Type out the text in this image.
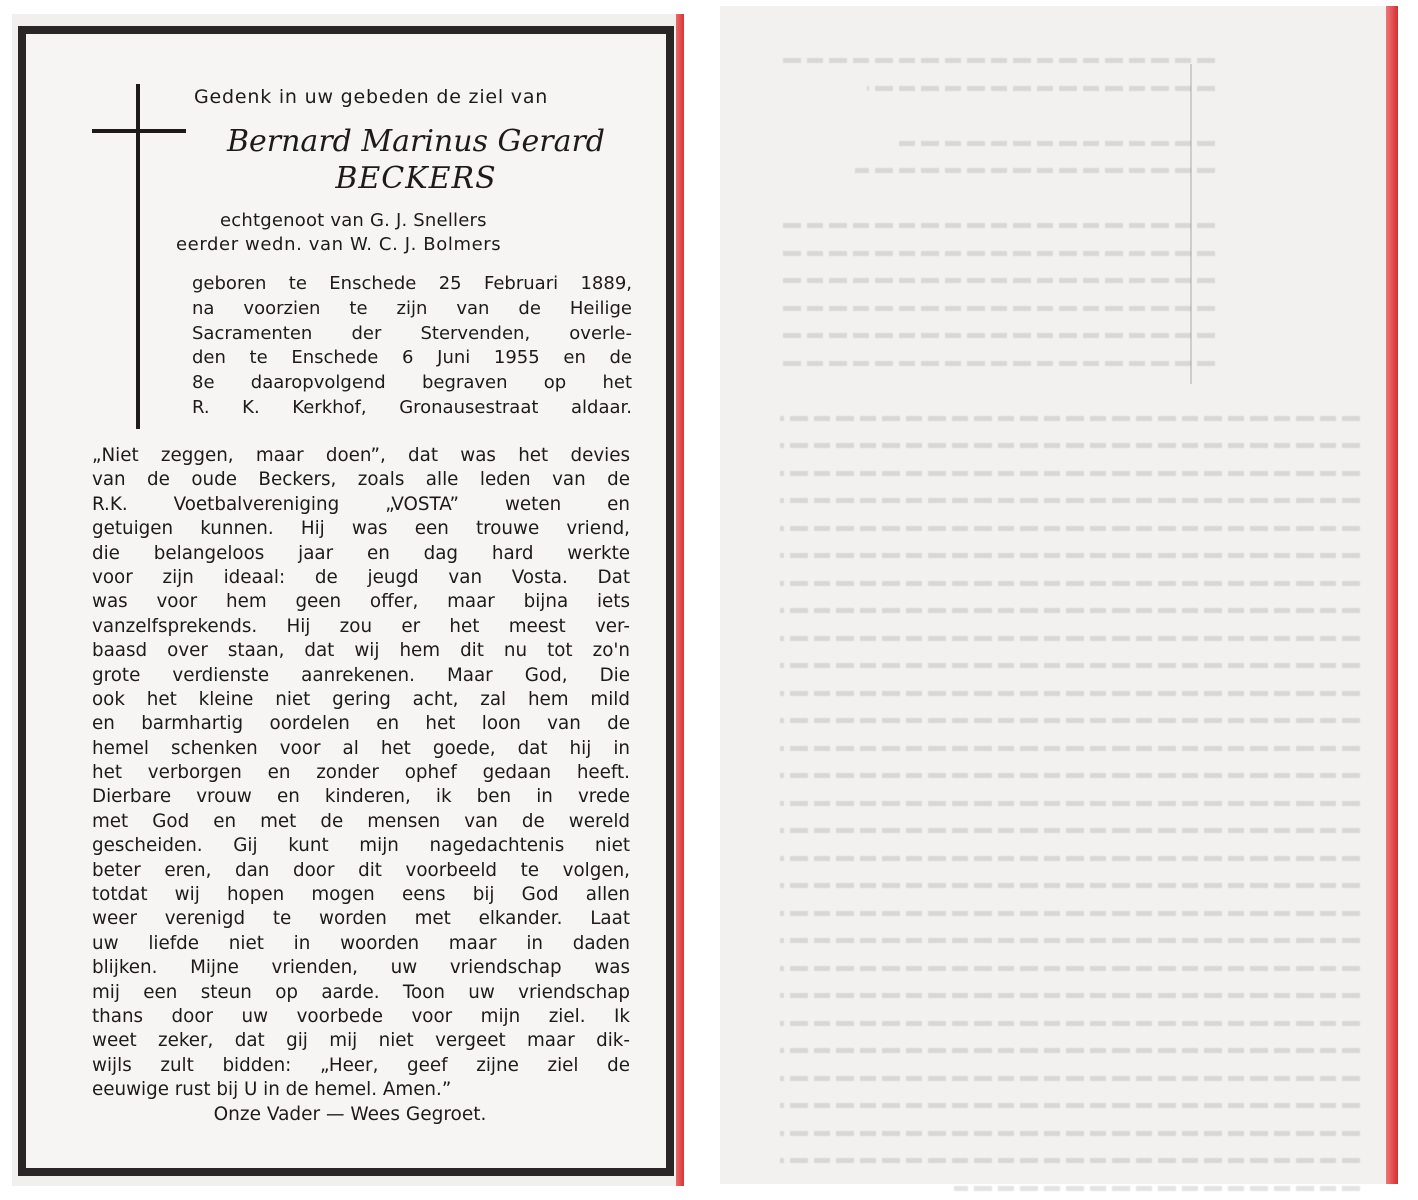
Gedenk in uw gebeden de ziel van
Bernard Marinus Gerard
BECKERS
echtgenoot van G. J. Snellers
eerder wedn. van W. C. J. Bolmers
geboren te Enschede 25 Februari 1889,
na voorzien te zijn van de Heilige
Sacramenten der Stervenden, overle-
den te Enschede 6 Juni 1955 en de
8e daaropvolgend begraven op het
R. K. Kerkhof, Gronausestraat aldaar.
„Niet zeggen, maar doen”, dat was het devies
van de oude Beckers, zoals alle leden van de
R.K. Voetbalvereniging „VOSTA” weten en
getuigen kunnen. Hij was een trouwe vriend,
die belangeloos jaar en dag hard werkte
voor zijn ideaal: de jeugd van Vosta. Dat
was voor hem geen offer, maar bijna iets
vanzelfsprekends. Hij zou er het meest ver-
baasd over staan, dat wij hem dit nu tot zo'n
grote verdienste aanrekenen. Maar God, Die
ook het kleine niet gering acht, zal hem mild
en barmhartig oordelen en het loon van de
hemel schenken voor al het goede, dat hij in
het verborgen en zonder ophef gedaan heeft.
Dierbare vrouw en kinderen, ik ben in vrede
met God en met de mensen van de wereld
gescheiden. Gij kunt mijn nagedachtenis niet
beter eren, dan door dit voorbeeld te volgen,
totdat wij hopen mogen eens bij God allen
weer verenigd te worden met elkander. Laat
uw liefde niet in woorden maar in daden
blijken. Mijne vrienden, uw vriendschap was
mij een steun op aarde. Toon uw vriendschap
thans door uw voorbede voor mijn ziel. Ik
weet zeker, dat gij mij niet vergeet maar dik-
wijls zult bidden: „Heer, geef zijne ziel de
eeuwige rust bij U in de hemel. Amen.”
Onze Vader — Wees Gegroet.
